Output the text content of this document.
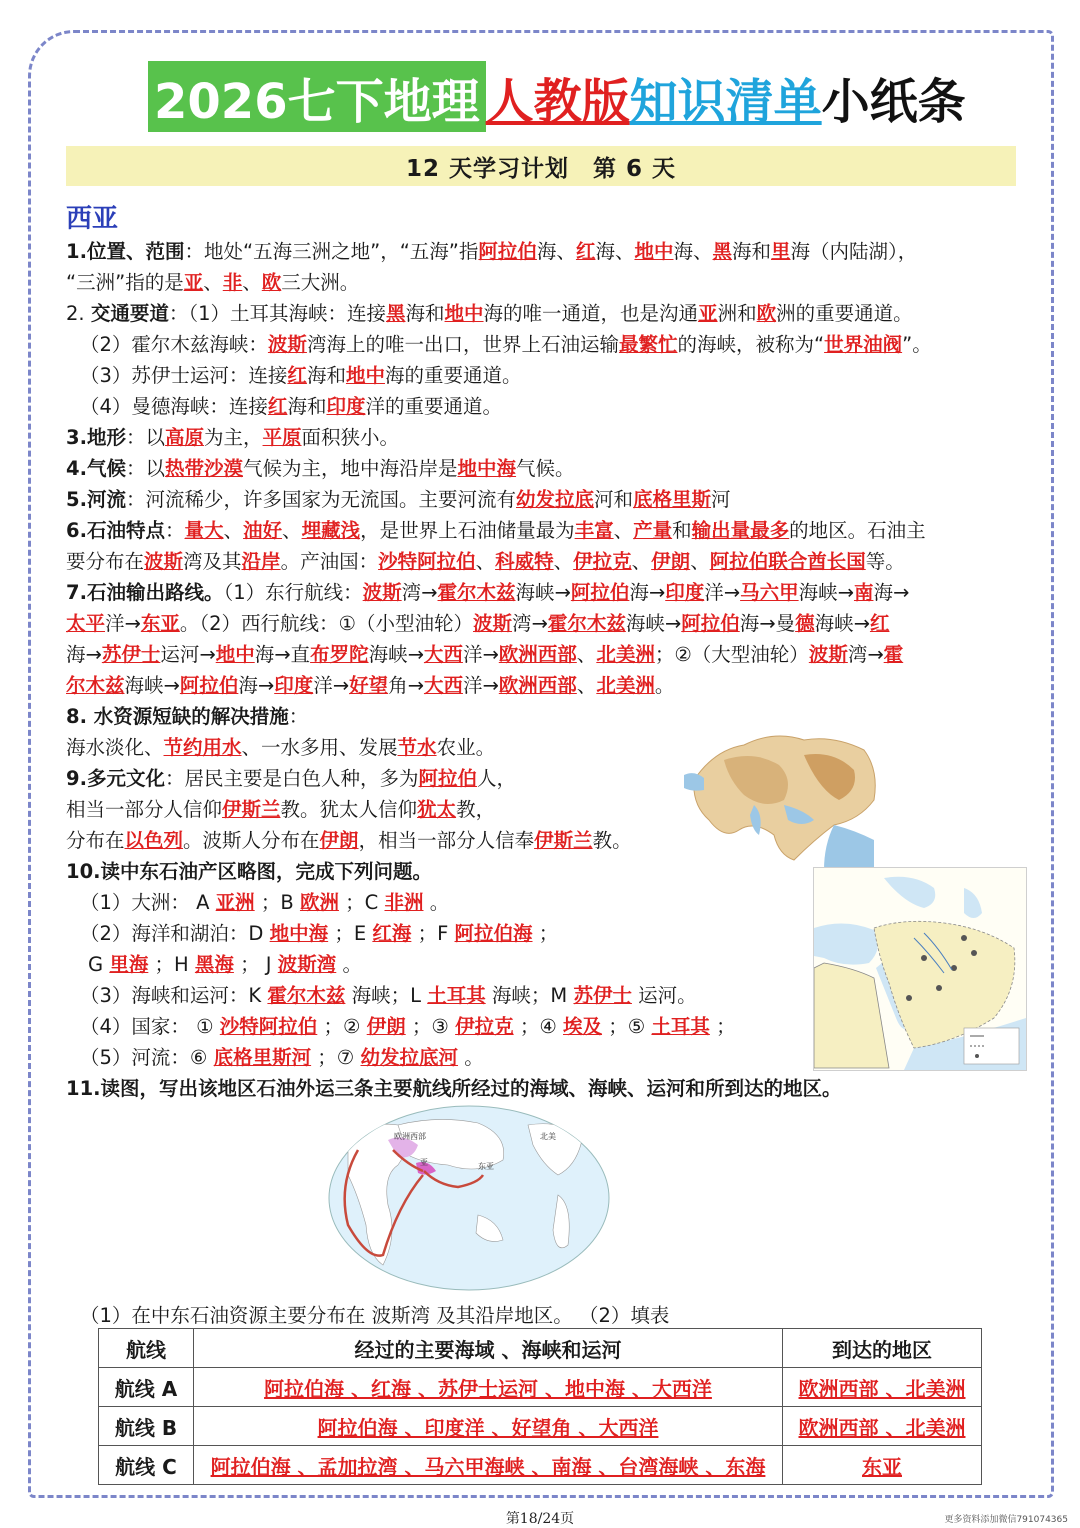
2026七下地理 人教版 知识清单 小纸条
12 天学习计划　第 6 天
西亚

1.位置、范围：地处“五海三洲之地”，“五海”指阿拉伯海、红海、地中海、黑海和里海（内陆湖），

“三洲”指的是亚、非、欧三大洲。

2. 交通要道：（1）土耳其海峡：连接黑海和地中海的唯一通道，也是沟通亚洲和欧洲的重要通道。

（2）霍尔木兹海峡：波斯湾海上的唯一出口，世界上石油运输最繁忙的海峡，被称为“世界油阀”。

（3）苏伊士运河：连接红海和地中海的重要通道。

（4）曼德海峡：连接红海和印度洋的重要通道。

3.地形：以高原为主，平原面积狭小。

4.气候：以热带沙漠气候为主，地中海沿岸是地中海气候。

5.河流：河流稀少，许多国家为无流国。主要河流有幼发拉底河和底格里斯河

6.石油特点：量大、油好、埋藏浅，是世界上石油储量最为丰富、产量和输出量最多的地区。石油主

要分布在波斯湾及其沿岸。产油国：沙特阿拉伯、科威特、伊拉克、伊朗、阿拉伯联合酋长国等。

7.石油输出路线。（1）东行航线：波斯湾→霍尔木兹海峡→阿拉伯海→印度洋→马六甲海峡→南海→

太平洋→东亚。（2）西行航线：①（小型油轮）波斯湾→霍尔木兹海峡→阿拉伯海→曼德海峡→红

海→苏伊士运河→地中海→直布罗陀海峡→大西洋→欧洲西部、北美洲；②（大型油轮）波斯湾→霍

尔木兹海峡→阿拉伯海→印度洋→好望角→大西洋→欧洲西部、北美洲。

8. 水资源短缺的解决措施：

海水淡化、节约用水、一水多用、发展节水农业。

9.多元文化：居民主要是白色人种，多为阿拉伯人，

相当一部分人信仰伊斯兰教。犹太人信仰犹太教，

分布在以色列。波斯人分布在伊朗，相当一部分人信奉伊斯兰教。

10.读中东石油产区略图，完成下列问题。

（1）大洲： A 亚洲 ；B 欧洲 ；C 非洲 。

（2）海洋和湖泊：D 地中海 ；E 红海 ；F 阿拉伯海 ；

G 里海 ；H 黑海 ； J 波斯湾 。

（3）海峡和运河：K 霍尔木兹 海峡；L 土耳其 海峡；M 苏伊士 运河。

（4）国家： ① 沙特阿拉伯 ；② 伊朗 ；③ 伊拉克 ；④ 埃及 ；⑤ 土耳其 ；

（5）河流：⑥ 底格里斯河 ；⑦ 幼发拉底河 。

11.读图，写出该地区石油外运三条主要航线所经过的海域、海峡、运河和所到达的地区。

欧洲西部
亚
北美
东亚
（1）在中东石油资源主要分布在 波斯湾 及其沿岸地区。 （2）填表
航线	经过的主要海域 、海峡和运河	到达的地区
航线 A	阿拉伯海 、红海 、苏伊士运河 、地中海 、大西洋	欧洲西部 、北美洲
航线 B	阿拉伯海 、印度洋 、好望角 、大西洋	欧洲西部 、北美洲
航线 C	阿拉伯海 、孟加拉湾 、马六甲海峡 、南海 、台湾海峡 、东海	东亚
第18/24页	更多资料添加微信791074365
